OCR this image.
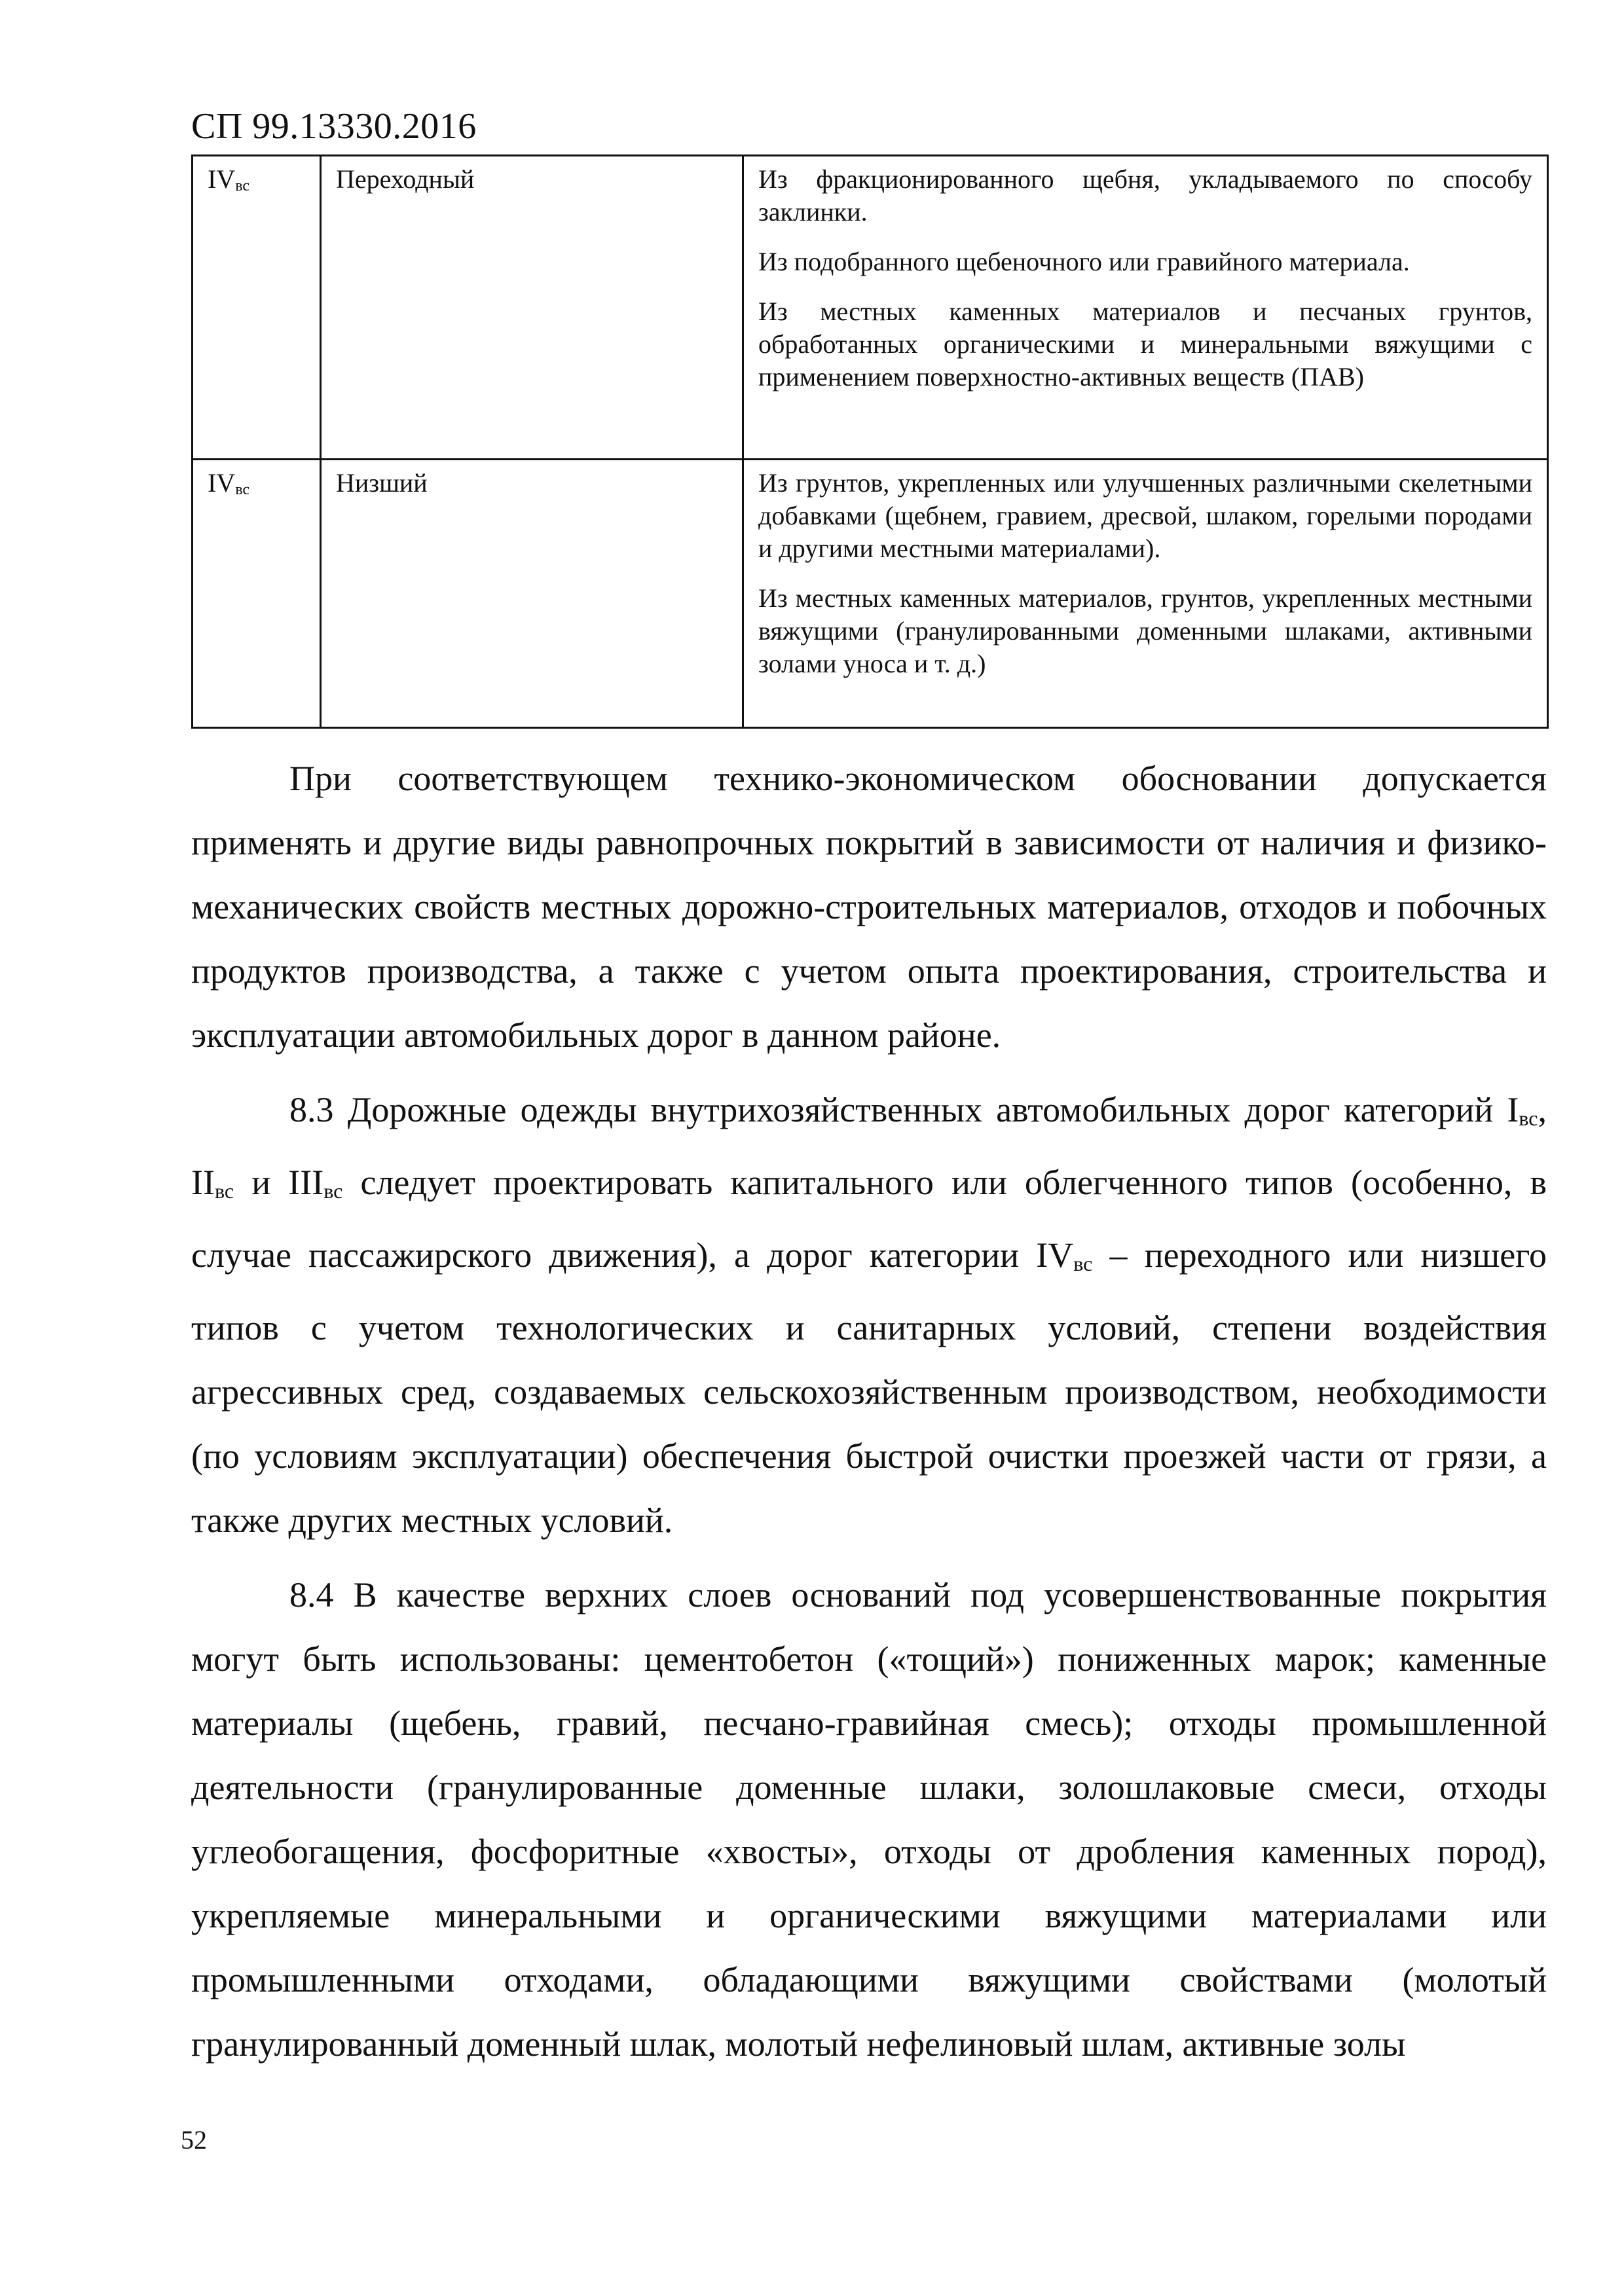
СП 99.13330.2016
$IV_{вс}$	Переходный	Из фракционированного щебня, укладываемого по способу заклинки.

Из подобранного щебеночного или гравийного материала.

Из местных каменных материалов и песчаных грунтов, обработанных органическими и минеральными вяжущими с применением поверхностно-активных веществ (ПАВ)

$IV_{вс}$	Низший	Из грунтов, укрепленных или улучшенных различными скелетными добавками (щебнем, гравием, дресвой, шлаком, горелыми породами и другими местными материалами).

Из местных каменных материалов, грунтов, укрепленных местными вяжущими (гранулированными доменными шлаками, активными золами уноса и т. д.)

При соответствующем технико-экономическом обосновании допускается применять и другие виды равнопрочных покрытий в зависимости от наличия и физико-механических свойств местных дорожно-строительных материалов, отходов и побочных продуктов производства, а также с учетом опыта проектирования, строительства и эксплуатации автомобильных дорог в данном районе.

8.3 Дорожные одежды внутрихозяйственных автомобильных дорог категорий $I_{вс}$, $II_{вс}$ и $III_{вс}$ следует проектировать капитального или облегченного типов (особенно, в случае пассажирского движения), а дорог категории $IV_{вс}$ – переходного или низшего типов с учетом технологических и санитарных условий, степени воздействия агрессивных сред, создаваемых сельскохозяйственным производством, необходимости (по условиям эксплуатации) обеспечения быстрой очистки проезжей части от грязи, а также других местных условий.

8.4 В качестве верхних слоев оснований под усовершенствованные покрытия могут быть использованы: цементобетон («тощий») пониженных марок; каменные материалы (щебень, гравий, песчано-гравийная смесь); отходы промышленной деятельности (гранулированные доменные шлаки, золошлаковые смеси, отходы углеобогащения, фосфоритные «хвосты», отходы от дробления каменных пород), укрепляемые минеральными и органическими вяжущими материалами или промышленными отходами, обладающими вяжущими свойствами (молотый гранулированный доменный шлак, молотый нефелиновый шлам, активные золы

52
